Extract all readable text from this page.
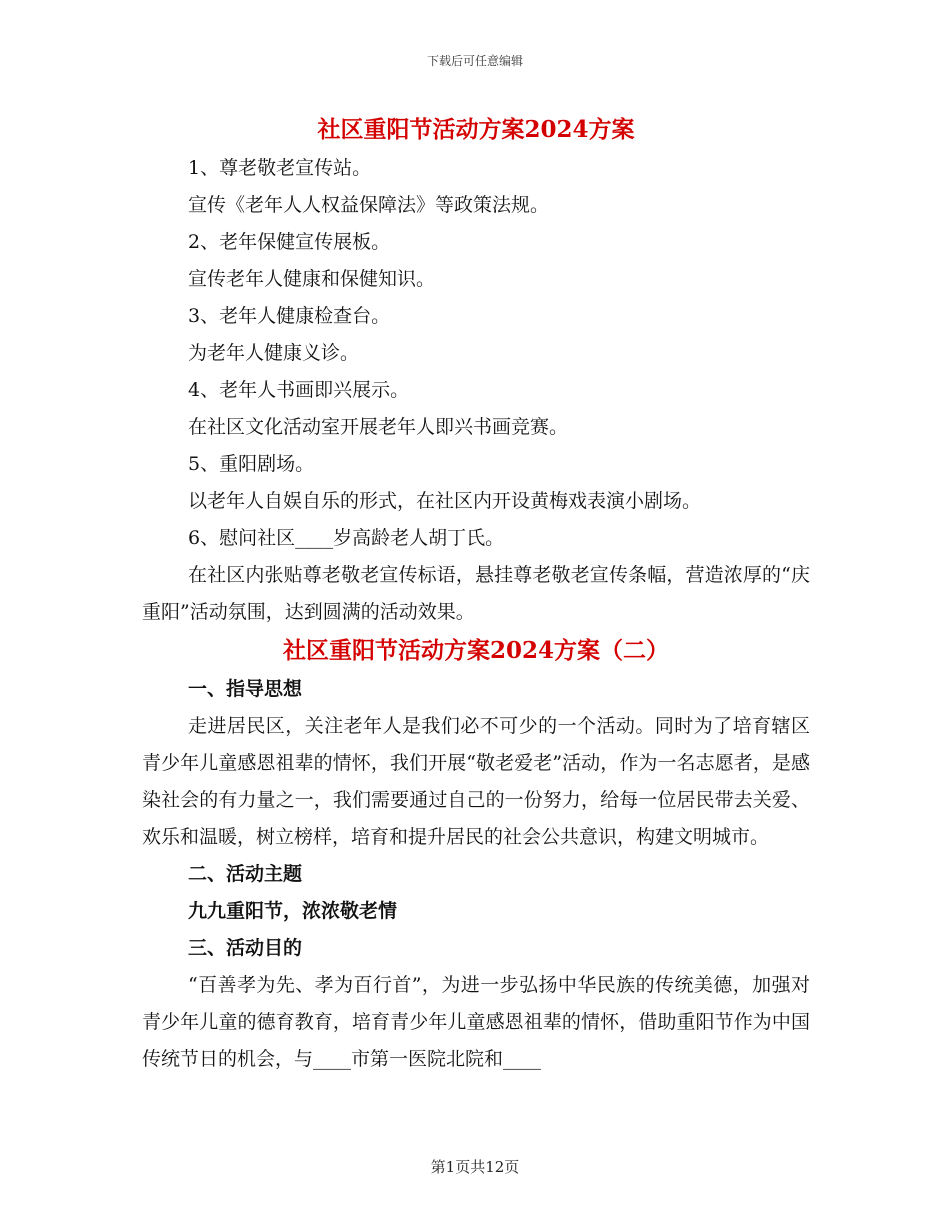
下载后可任意编辑
社区重阳节活动方案2024方案

1、尊老敬老宣传站。

宣传《老年人人权益保障法》等政策法规。

2、老年保健宣传展板。

宣传老年人健康和保健知识。

3、老年人健康检查台。

为老年人健康义诊。

4、老年人书画即兴展示。

在社区文化活动室开展老年人即兴书画竞赛。

5、重阳剧场。

以老年人自娱自乐的形式，在社区内开设黄梅戏表演小剧场。

6、慰问社区____岁高龄老人胡丁氏。

在社区内张贴尊老敬老宣传标语，悬挂尊老敬老宣传条幅，营造浓厚的“庆重阳”活动氛围，达到圆满的活动效果。

社区重阳节活动方案2024方案（二）

一、指导思想

走进居民区，关注老年人是我们必不可少的一个活动。同时为了培育辖区青少年儿童感恩祖辈的情怀，我们开展“敬老爱老”活动，作为一名志愿者，是感染社会的有力量之一，我们需要通过自己的一份努力，给每一位居民带去关爱、欢乐和温暖，树立榜样，培育和提升居民的社会公共意识，构建文明城市。

二、活动主题

九九重阳节，浓浓敬老情

三、活动目的

“百善孝为先、孝为百行首”，为进一步弘扬中华民族的传统美德，加强对青少年儿童的德育教育，培育青少年儿童感恩祖辈的情怀，借助重阳节作为中国传统节日的机会，与____市第一医院北院和____

第1页共12页
